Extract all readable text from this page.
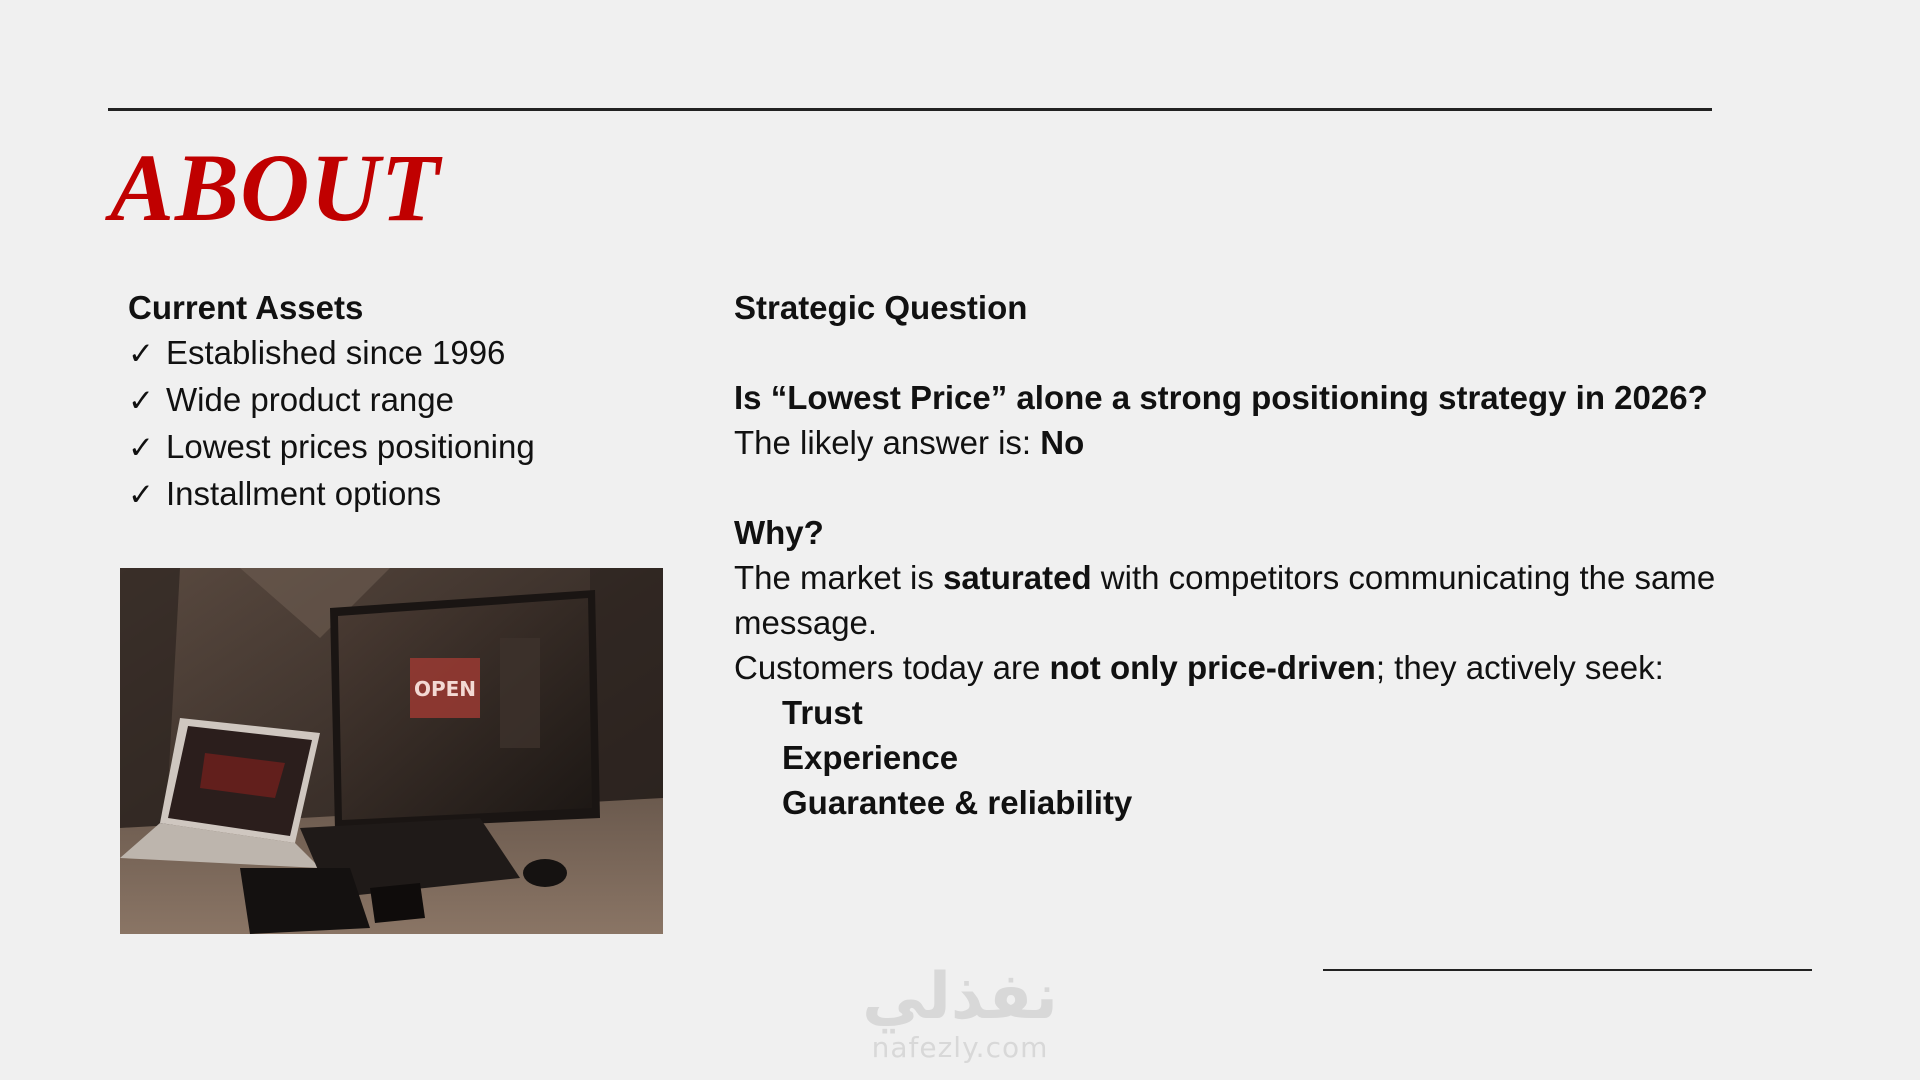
ABOUT
Current Assets
✓ Established since 1996
✓ Wide product range
✓ Lowest prices positioning
✓ Installment options
OPEN

Strategic Question

Is “Lowest Price” alone a strong positioning strategy in 2026?

The likely answer is: No

Why?

The market is saturated with competitors communicating the same message.

Customers today are not only price-driven; they actively seek:

Trust

Experience

Guarantee & reliability

نفذلي
nafezly.com
